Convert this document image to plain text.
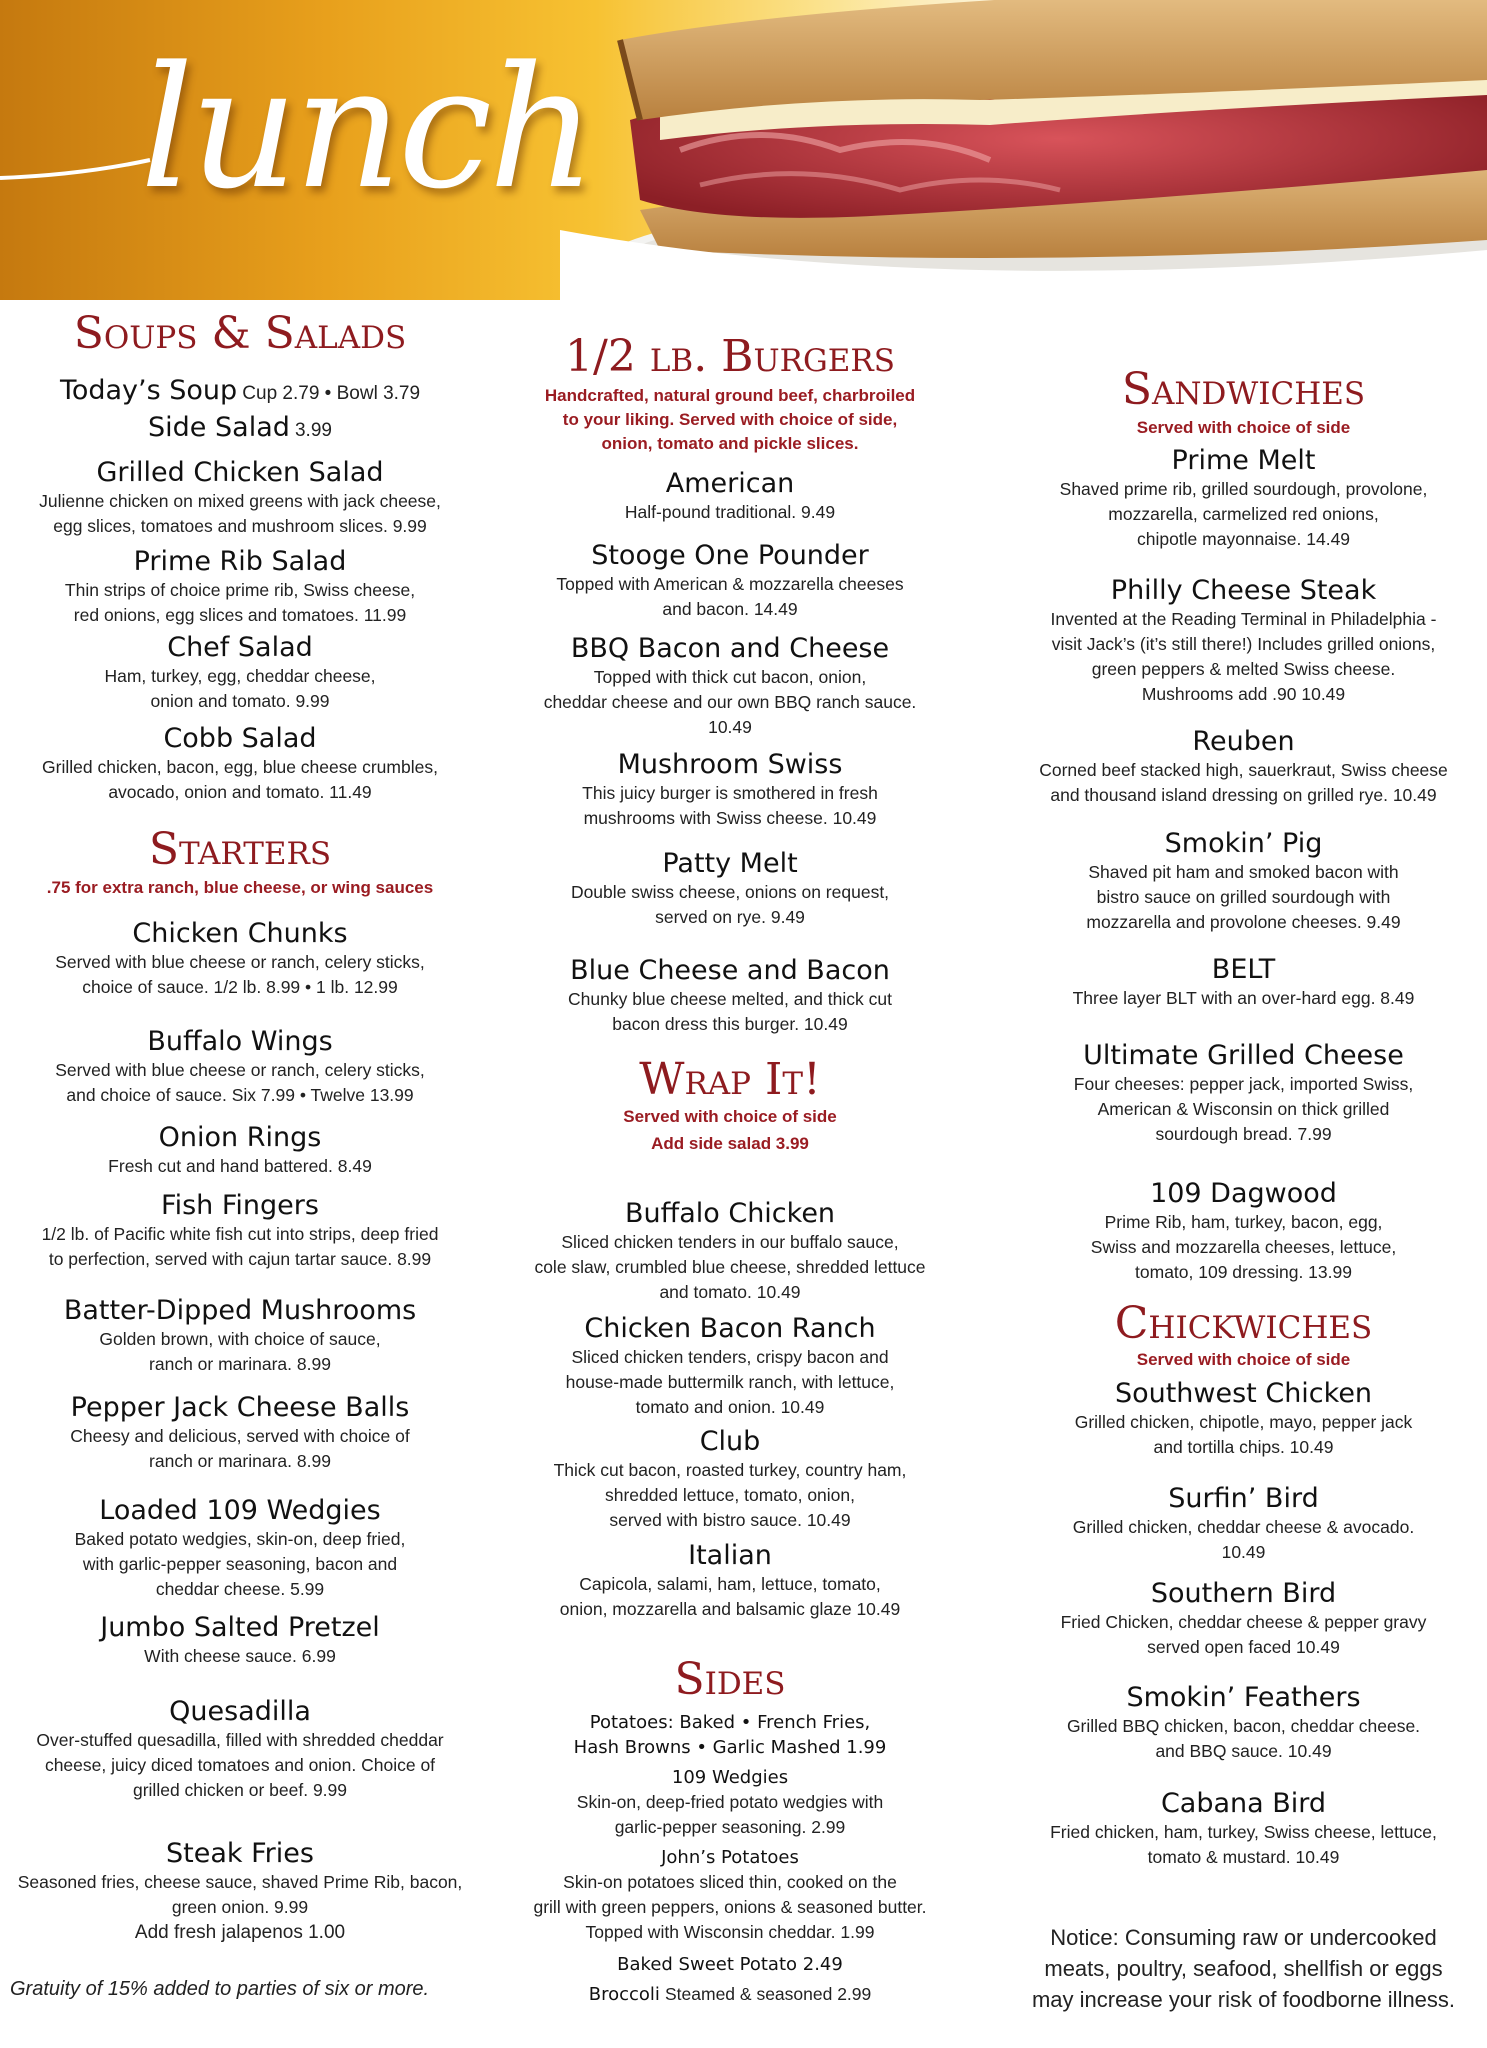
lunch
Soups & Salads
Today’s Soup Cup 2.79 • Bowl 3.79
Side Salad 3.99
Grilled Chicken Salad
Julienne chicken on mixed greens with jack cheese,
egg slices, tomatoes and mushroom slices. 9.99
Prime Rib Salad
Thin strips of choice prime rib, Swiss cheese,
red onions, egg slices and tomatoes. 11.99
Chef Salad
Ham, turkey, egg, cheddar cheese,
onion and tomato. 9.99
Cobb Salad
Grilled chicken, bacon, egg, blue cheese crumbles,
avocado, onion and tomato. 11.49
Starters
.75 for extra ranch, blue cheese, or wing sauces
Chicken Chunks
Served with blue cheese or ranch, celery sticks,
choice of sauce. 1/2 lb. 8.99 • 1 lb. 12.99
Buffalo Wings
Served with blue cheese or ranch, celery sticks,
and choice of sauce. Six 7.99 • Twelve 13.99
Onion Rings
Fresh cut and hand battered. 8.49
Fish Fingers
1/2 lb. of Pacific white fish cut into strips, deep fried
to perfection, served with cajun tartar sauce. 8.99
Batter-Dipped Mushrooms
Golden brown, with choice of sauce,
ranch or marinara. 8.99
Pepper Jack Cheese Balls
Cheesy and delicious, served with choice of
ranch or marinara. 8.99
Loaded 109 Wedgies
Baked potato wedgies, skin-on, deep fried,
with garlic-pepper seasoning, bacon and
cheddar cheese. 5.99
Jumbo Salted Pretzel
With cheese sauce. 6.99
Quesadilla
Over-stuffed quesadilla, filled with shredded cheddar
cheese, juicy diced tomatoes and onion. Choice of
grilled chicken or beef. 9.99
Steak Fries
Seasoned fries, cheese sauce, shaved Prime Rib, bacon,
green onion. 9.99
Add fresh jalapenos 1.00
Gratuity of 15% added to parties of six or more.
1/2 lb. Burgers
Handcrafted, natural ground beef, charbroiled
to your liking. Served with choice of side,
onion, tomato and pickle slices.
American
Half-pound traditional. 9.49
Stooge One Pounder
Topped with American & mozzarella cheeses
and bacon. 14.49
BBQ Bacon and Cheese
Topped with thick cut bacon, onion,
cheddar cheese and our own BBQ ranch sauce.
10.49
Mushroom Swiss
This juicy burger is smothered in fresh
mushrooms with Swiss cheese. 10.49
Patty Melt
Double swiss cheese, onions on request,
served on rye. 9.49
Blue Cheese and Bacon
Chunky blue cheese melted, and thick cut
bacon dress this burger. 10.49
Wrap It!
Served with choice of side
Add side salad 3.99
Buffalo Chicken
Sliced chicken tenders in our buffalo sauce,
cole slaw, crumbled blue cheese, shredded lettuce
and tomato. 10.49
Chicken Bacon Ranch
Sliced chicken tenders, crispy bacon and
house-made buttermilk ranch, with lettuce,
tomato and onion. 10.49
Club
Thick cut bacon, roasted turkey, country ham,
shredded lettuce, tomato, onion,
served with bistro sauce. 10.49
Italian
Capicola, salami, ham, lettuce, tomato,
onion, mozzarella and balsamic glaze 10.49
Sides
Potatoes: Baked • French Fries,
Hash Browns • Garlic Mashed 1.99
109 Wedgies
Skin-on, deep-fried potato wedgies with
garlic-pepper seasoning. 2.99
John’s Potatoes
Skin-on potatoes sliced thin, cooked on the
grill with green peppers, onions & seasoned butter.
Topped with Wisconsin cheddar. 1.99
Baked Sweet Potato 2.49
Broccoli Steamed & seasoned 2.99
Sandwiches
Served with choice of side
Prime Melt
Shaved prime rib, grilled sourdough, provolone,
mozzarella, carmelized red onions,
chipotle mayonnaise. 14.49
Philly Cheese Steak
Invented at the Reading Terminal in Philadelphia -
visit Jack’s (it’s still there!) Includes grilled onions,
green peppers & melted Swiss cheese.
Mushrooms add .90 10.49
Reuben
Corned beef stacked high, sauerkraut, Swiss cheese
and thousand island dressing on grilled rye. 10.49
Smokin’ Pig
Shaved pit ham and smoked bacon with
bistro sauce on grilled sourdough with
mozzarella and provolone cheeses. 9.49
BELT
Three layer BLT with an over-hard egg. 8.49
Ultimate Grilled Cheese
Four cheeses: pepper jack, imported Swiss,
American & Wisconsin on thick grilled
sourdough bread. 7.99
109 Dagwood
Prime Rib, ham, turkey, bacon, egg,
Swiss and mozzarella cheeses, lettuce,
tomato, 109 dressing. 13.99
Chickwiches
Served with choice of side
Southwest Chicken
Grilled chicken, chipotle, mayo, pepper jack
and tortilla chips. 10.49
Surfin’ Bird
Grilled chicken, cheddar cheese & avocado.
10.49
Southern Bird
Fried Chicken, cheddar cheese & pepper gravy
served open faced 10.49
Smokin’ Feathers
Grilled BBQ chicken, bacon, cheddar cheese.
and BBQ sauce. 10.49
Cabana Bird
Fried chicken, ham, turkey, Swiss cheese, lettuce,
tomato & mustard. 10.49
Notice: Consuming raw or undercooked
meats, poultry, seafood, shellfish or eggs
may increase your risk of foodborne illness.
